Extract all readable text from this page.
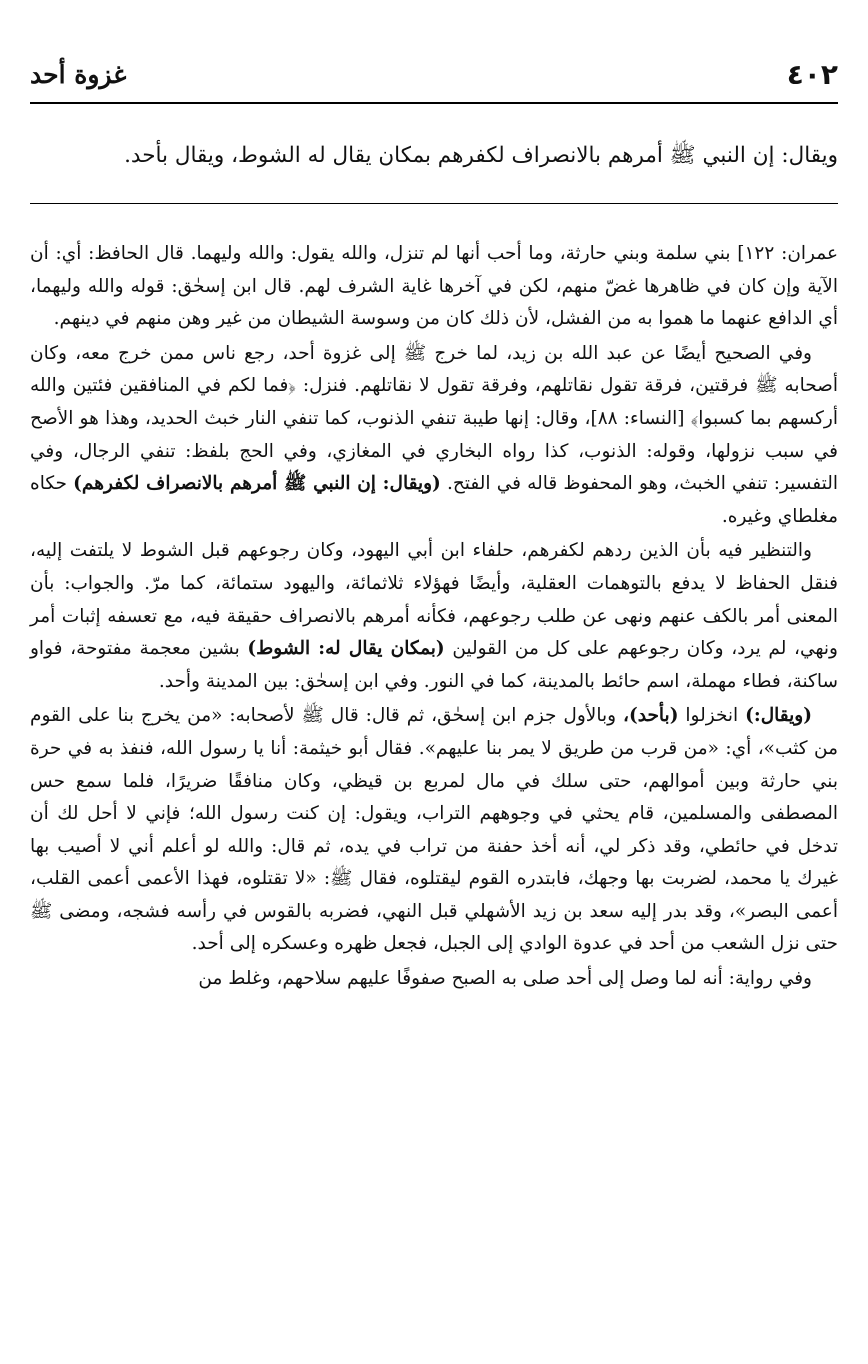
٤٠٢
غزوة أحد
ويقال: إن النبي ﷺ أمرهم بالانصراف لكفرهم بمكان يقال له الشوط، ويقال بأحد.

عمران: ١٢٢] بني سلمة وبني حارثة، وما أحب أنها لم تنزل، والله يقول: والله وليهما. قال الحافظ: أي: أن الآية وإن كان في ظاهرها غضّ منهم، لكن في آخرها غاية الشرف لهم. قال ابن إسحٰق: قوله والله وليهما، أي الدافع عنهما ما هموا به من الفشل، لأن ذلك كان من وسوسة الشيطان من غير وهن منهم في دينهم.

وفي الصحيح أيضًا عن عبد الله بن زيد، لما خرج ﷺ إلى غزوة أحد، رجع ناس ممن خرج معه، وكان أصحابه ﷺ فرقتين، فرقة تقول نقاتلهم، وفرقة تقول لا نقاتلهم. فنزل: ﴿فما لكم في المنافقين فئتين والله أركسهم بما كسبوا﴾ [النساء: ٨٨]، وقال: إنها طيبة تنفي الذنوب، كما تنفي النار خبث الحديد، وهذا هو الأصح في سبب نزولها، وقوله: الذنوب، كذا رواه البخاري في المغازي، وفي الحج بلفظ: تنفي الرجال، وفي التفسير: تنفي الخبث، وهو المحفوظ قاله في الفتح. (ويقال: إن النبي ﷺ أمرهم بالانصراف لكفرهم) حكاه مغلطاي وغيره.

والتنظير فيه بأن الذين ردهم لكفرهم، حلفاء ابن أبي اليهود، وكان رجوعهم قبل الشوط لا يلتفت إليه، فنقل الحفاظ لا يدفع بالتوهمات العقلية، وأيضًا فهؤلاء ثلاثمائة، واليهود ستمائة، كما مرّ. والجواب: بأن المعنى أمر بالكف عنهم ونهى عن طلب رجوعهم، فكأنه أمرهم بالانصراف حقيقة فيه، مع تعسفه إثبات أمر ونهي، لم يرد، وكان رجوعهم على كل من القولين (بمكان يقال له: الشوط) بشين معجمة مفتوحة، فواو ساكنة، فطاء مهملة، اسم حائط بالمدينة، كما في النور. وفي ابن إسحٰق: بين المدينة وأحد.

(ويقال:) انخزلوا (بأحد)، وبالأول جزم ابن إسحٰق، ثم قال: قال ﷺ لأصحابه: «من يخرج بنا على القوم من كثب»، أي: «من قرب من طريق لا يمر بنا عليهم». فقال أبو خيثمة: أنا يا رسول الله، فنفذ به في حرة بني حارثة وبين أموالهم، حتى سلك في مال لمربع بن قيظي، وكان منافقًا ضريرًا، فلما سمع حس المصطفى والمسلمين، قام يحثي في وجوههم التراب، ويقول: إن كنت رسول الله؛ فإني لا أحل لك أن تدخل في حائطي، وقد ذكر لي، أنه أخذ حفنة من تراب في يده، ثم قال: والله لو أعلم أني لا أصيب بها غيرك يا محمد، لضربت بها وجهك، فابتدره القوم ليقتلوه، فقال ﷺ: «لا تقتلوه، فهذا الأعمى أعمى القلب، أعمى البصر»، وقد بدر إليه سعد بن زيد الأشهلي قبل النهي، فضربه بالقوس في رأسه فشجه، ومضى ﷺ حتى نزل الشعب من أحد في عدوة الوادي إلى الجبل، فجعل ظهره وعسكره إلى أحد.

وفي رواية: أنه لما وصل إلى أحد صلى به الصبح صفوفًا عليهم سلاحهم، وغلط من
